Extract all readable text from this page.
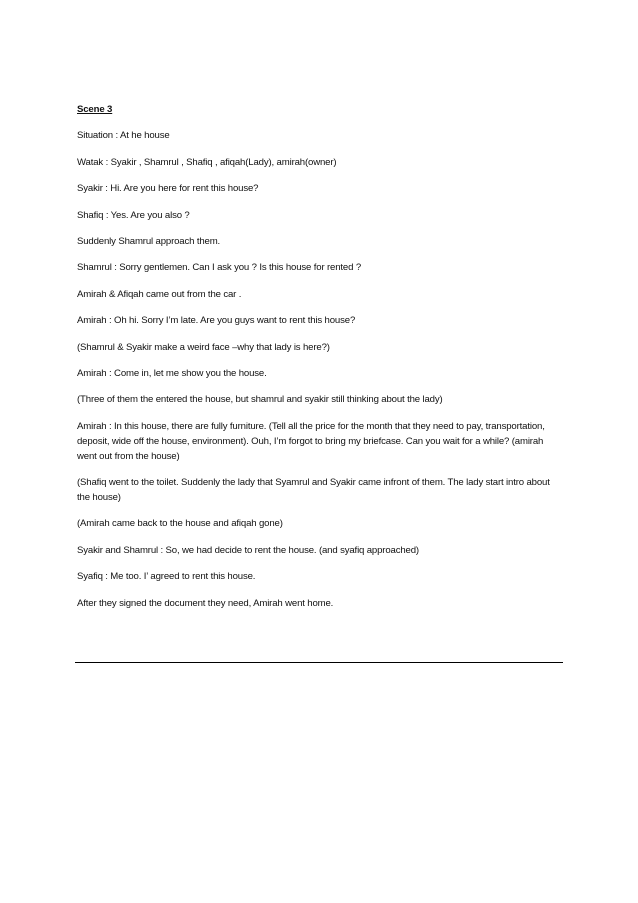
Scene 3

Situation : At he house

Watak : Syakir , Shamrul , Shafiq , afiqah(Lady), amirah(owner)

Syakir : Hi. Are you here for rent this house?

Shafiq : Yes. Are you also ?

Suddenly Shamrul approach them.

Shamrul : Sorry gentlemen. Can I ask you ? Is this house for rented ?

Amirah & Afiqah came out from the car .

Amirah : Oh hi. Sorry I’m late. Are you guys want to rent this house?

(Shamrul & Syakir make a weird face –why that lady is here?)

Amirah : Come in, let me show you the house.

(Three of them the entered the house, but shamrul and syakir still thinking about the lady)

Amirah : In this house, there are fully furniture. (Tell all the price for the month that they need to pay, transportation, deposit, wide off the house, environment). Ouh, I’m forgot to bring my briefcase. Can you wait for a while? (amirah went out from the house)

(Shafiq went to the toilet. Suddenly the lady that Syamrul and Syakir came infront of them. The lady start intro about the house)

(Amirah came back to the house and afiqah gone)

Syakir and Shamrul : So, we had decide to rent the house. (and syafiq approached)

Syafiq : Me too. I’ agreed to rent this house.

After they signed the document they need, Amirah went home.
